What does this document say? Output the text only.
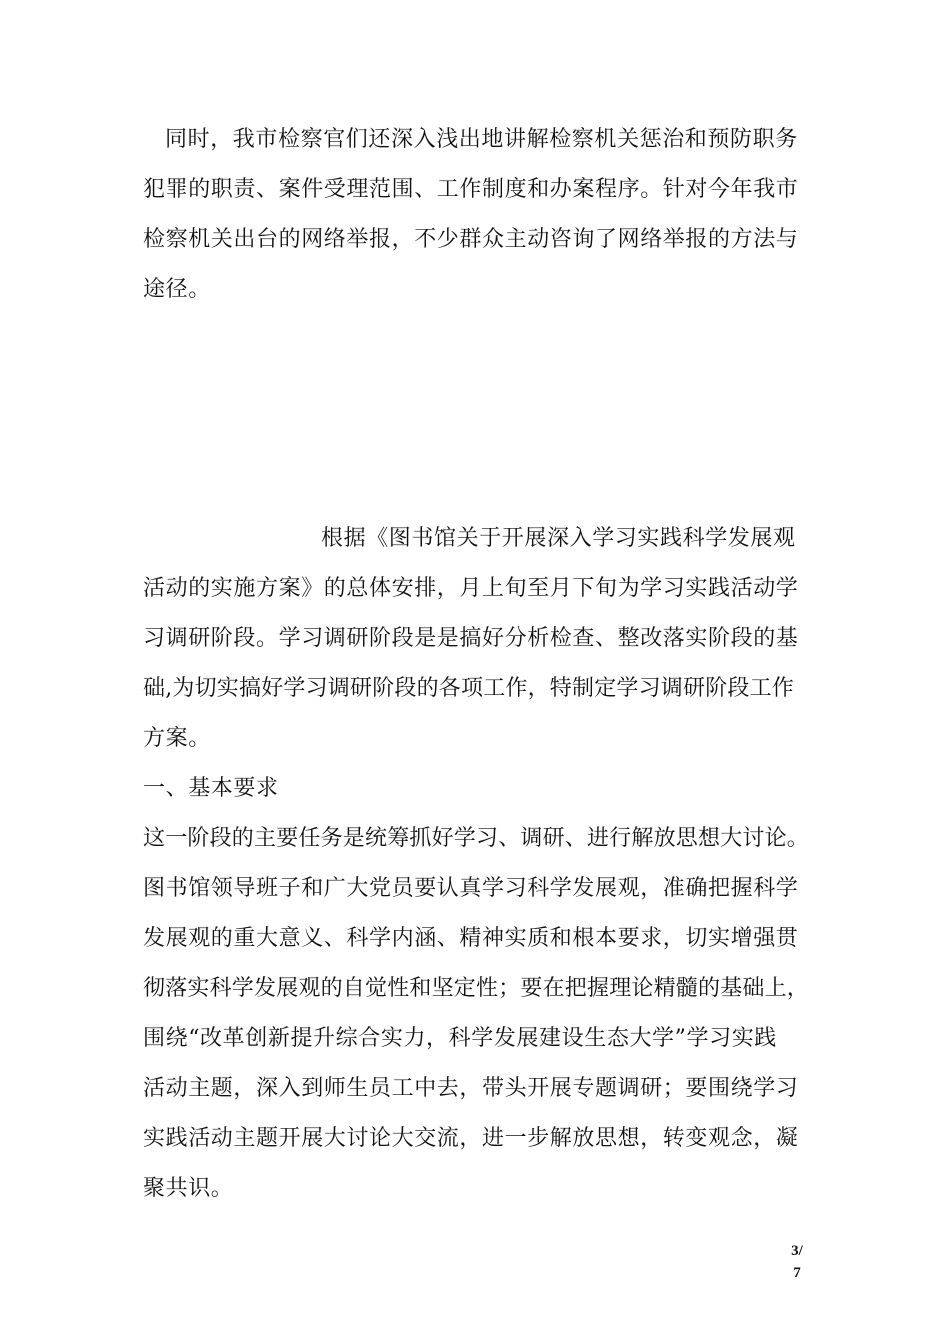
同时，我市检察官们还深入浅出地讲解检察机关惩治和预防职务
犯罪的职责、案件受理范围、工作制度和办案程序。针对今年我市
检察机关出台的网络举报，不少群众主动咨询了网络举报的方法与
途径。
根据《图书馆关于开展深入学习实践科学发展观
活动的实施方案》的总体安排，月上旬至月下旬为学习实践活动学
习调研阶段。学习调研阶段是是搞好分析检查、整改落实阶段的基
础,为切实搞好学习调研阶段的各项工作，特制定学习调研阶段工作
方案。
一、基本要求
这一阶段的主要任务是统筹抓好学习、调研、进行解放思想大讨论。
图书馆领导班子和广大党员要认真学习科学发展观，准确把握科学
发展观的重大意义、科学内涵、精神实质和根本要求，切实增强贯
彻落实科学发展观的自觉性和坚定性；要在把握理论精髓的基础上，
围绕“改革创新提升综合实力，科学发展建设生态大学”学习实践
活动主题，深入到师生员工中去，带头开展专题调研；要围绕学习
实践活动主题开展大讨论大交流，进一步解放思想，转变观念，凝
聚共识。
3/
7
